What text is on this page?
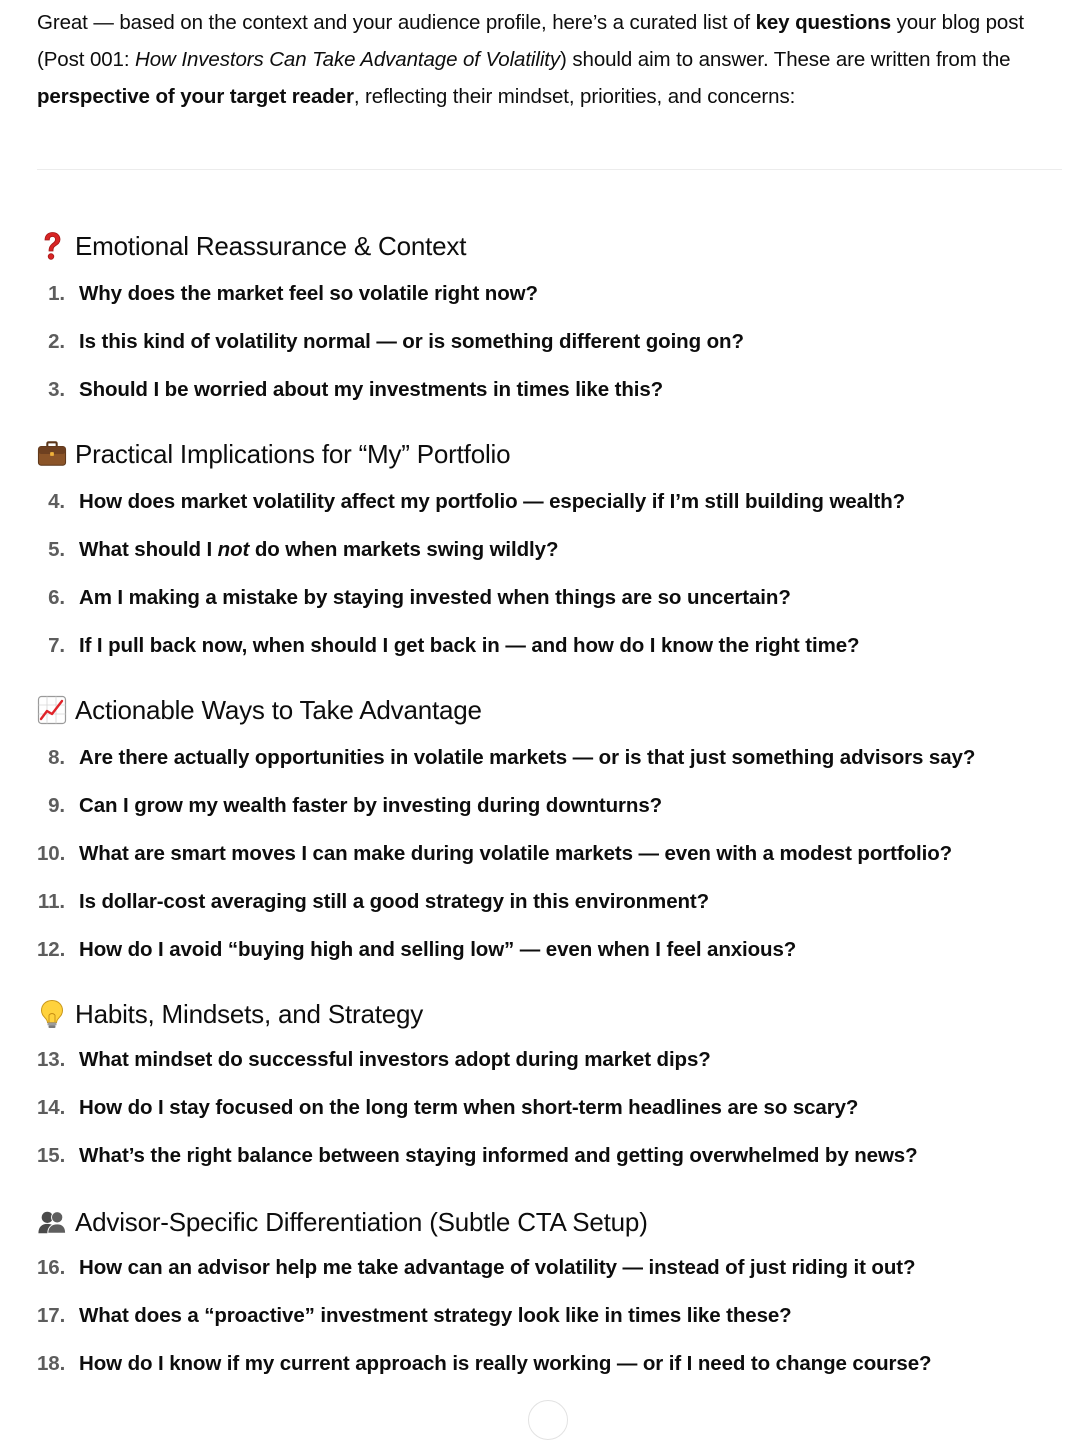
Great — based on the context and your audience profile, here’s a curated list of key questions your blog post (Post 001: How Investors Can Take Advantage of Volatility) should aim to answer. These are written from the perspective of your target reader, reflecting their mindset, priorities, and concerns:

Emotional Reassurance & Context
1. Why does the market feel so volatile right now?
2. Is this kind of volatility normal — or is something different going on?
3. Should I be worried about my investments in times like this?
Practical Implications for “My” Portfolio
4. How does market volatility affect my portfolio — especially if I’m still building wealth?
5. What should I not do when markets swing wildly?
6. Am I making a mistake by staying invested when things are so uncertain?
7. If I pull back now, when should I get back in — and how do I know the right time?
Actionable Ways to Take Advantage
8. Are there actually opportunities in volatile markets — or is that just something advisors say?
9. Can I grow my wealth faster by investing during downturns?
10. What are smart moves I can make during volatile markets — even with a modest portfolio?
11. Is dollar-cost averaging still a good strategy in this environment?
12. How do I avoid “buying high and selling low” — even when I feel anxious?
Habits, Mindsets, and Strategy
13. What mindset do successful investors adopt during market dips?
14. How do I stay focused on the long term when short-term headlines are so scary?
15. What’s the right balance between staying informed and getting overwhelmed by news?
Advisor-Specific Differentiation (Subtle CTA Setup)
16. How can an advisor help me take advantage of volatility — instead of just riding it out?
17. What does a “proactive” investment strategy look like in times like these?
18. How do I know if my current approach is really working — or if I need to change course?
